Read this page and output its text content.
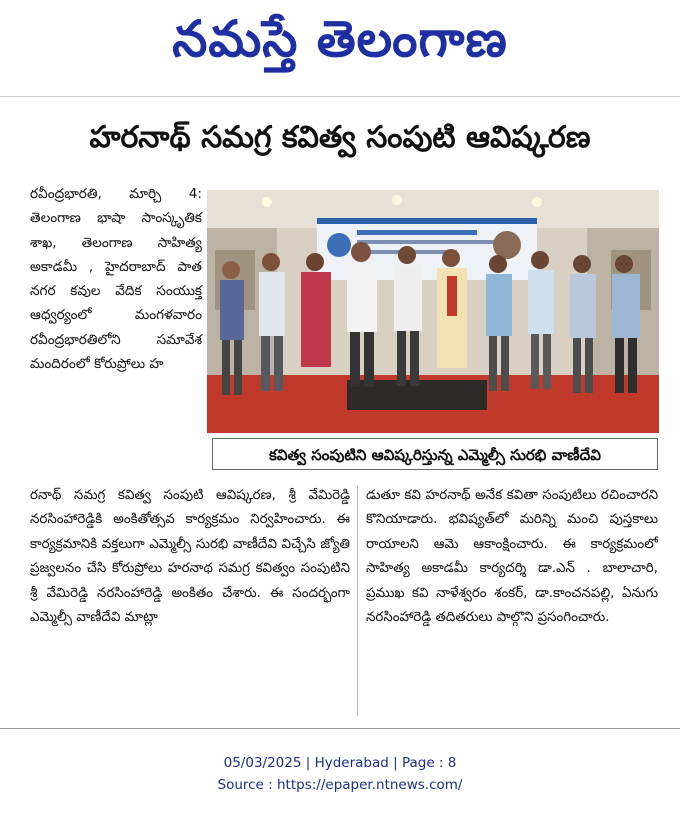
నమస్తే తెలంగాణ
హరనాథ్ సమగ్ర కవిత్వ సంపుటి ఆవిష్కరణ

రవీంద్రభారతి, మార్చి 4: తెలంగాణ భాషా సాంస్కృతిక శాఖ, తెలంగాణ సాహిత్య అకాడమీ , హైదరాబాద్ పాత నగర కవుల వేదిక సంయుక్త ఆధ్వర్యంలో మంగళవారం రవీంద్రభారతిలోని సమావేశ మందిరంలో కోరుప్రోలు హ

కవిత్వ సంపుటిని ఆవిష్కరిస్తున్న ఎమ్మెల్సీ సురభి వాణీదేవి

రనాథ్ సమగ్ర కవిత్వ సంపుటి ఆవిష్కరణ, శ్రీ వేమిరెడ్డి నరసింహారెడ్డికి అంకితోత్సవ కార్యక్రమం నిర్వహించారు. ఈ కార్యక్రమానికి వక్తలుగా ఎమ్మెల్సీ సురభి వాణీదేవి విచ్చేసి జ్యోతి ప్రజ్వలనం చేసి కోరుప్రోలు హరనాథ సమగ్ర కవిత్వం సంపుటిని శ్రీ వేమిరెడ్డి నరసింహారెడ్డి అంకితం చేశారు. ఈ సందర్భంగా ఎమ్మెల్సీ వాణీదేవి మాట్లా

డుతూ కవి హరనాథ్ అనేక కవితా సంపుటిలు రచించారని కొనియాడారు. భవిష్యత్‌లో మరిన్ని మంచి పుస్తకాలు రాయాలని ఆమె ఆకాంక్షించారు. ఈ కార్యక్రమంలో సాహిత్య అకాడమీ కార్యదర్శి డా.ఎన్ . బాలాచారి, ప్రముఖ కవి నాళేశ్వరం శంకర్, డా.కాంచనపల్లి, ఏనుగు నరసింహారెడ్డి తదితరులు పాల్గొని ప్రసంగించారు.

05/03/2025 | Hyderabad | Page : 8
Source : https://epaper.ntnews.com/
